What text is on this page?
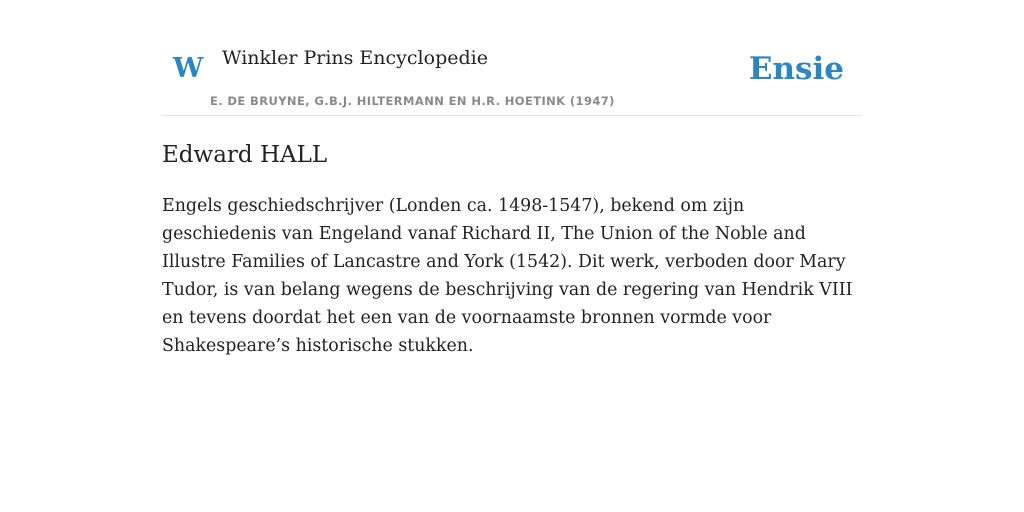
W Winkler Prins Encyclopedie
E. DE BRUYNE, G.B.J. HILTERMANN EN H.R. HOETINK (1947)
Ensie
Edward HALL

Engels geschiedschrijver (Londen ca. 1498-1547), bekend om zijn geschiedenis van Engeland vanaf Richard II, The Union of the Noble and Illustre Families of Lancastre and York (1542). Dit werk, verboden door Mary Tudor, is van belang wegens de beschrijving van de regering van Hendrik VIII en tevens doordat het een van de voornaamste bronnen vormde voor Shakespeare’s historische stukken.
